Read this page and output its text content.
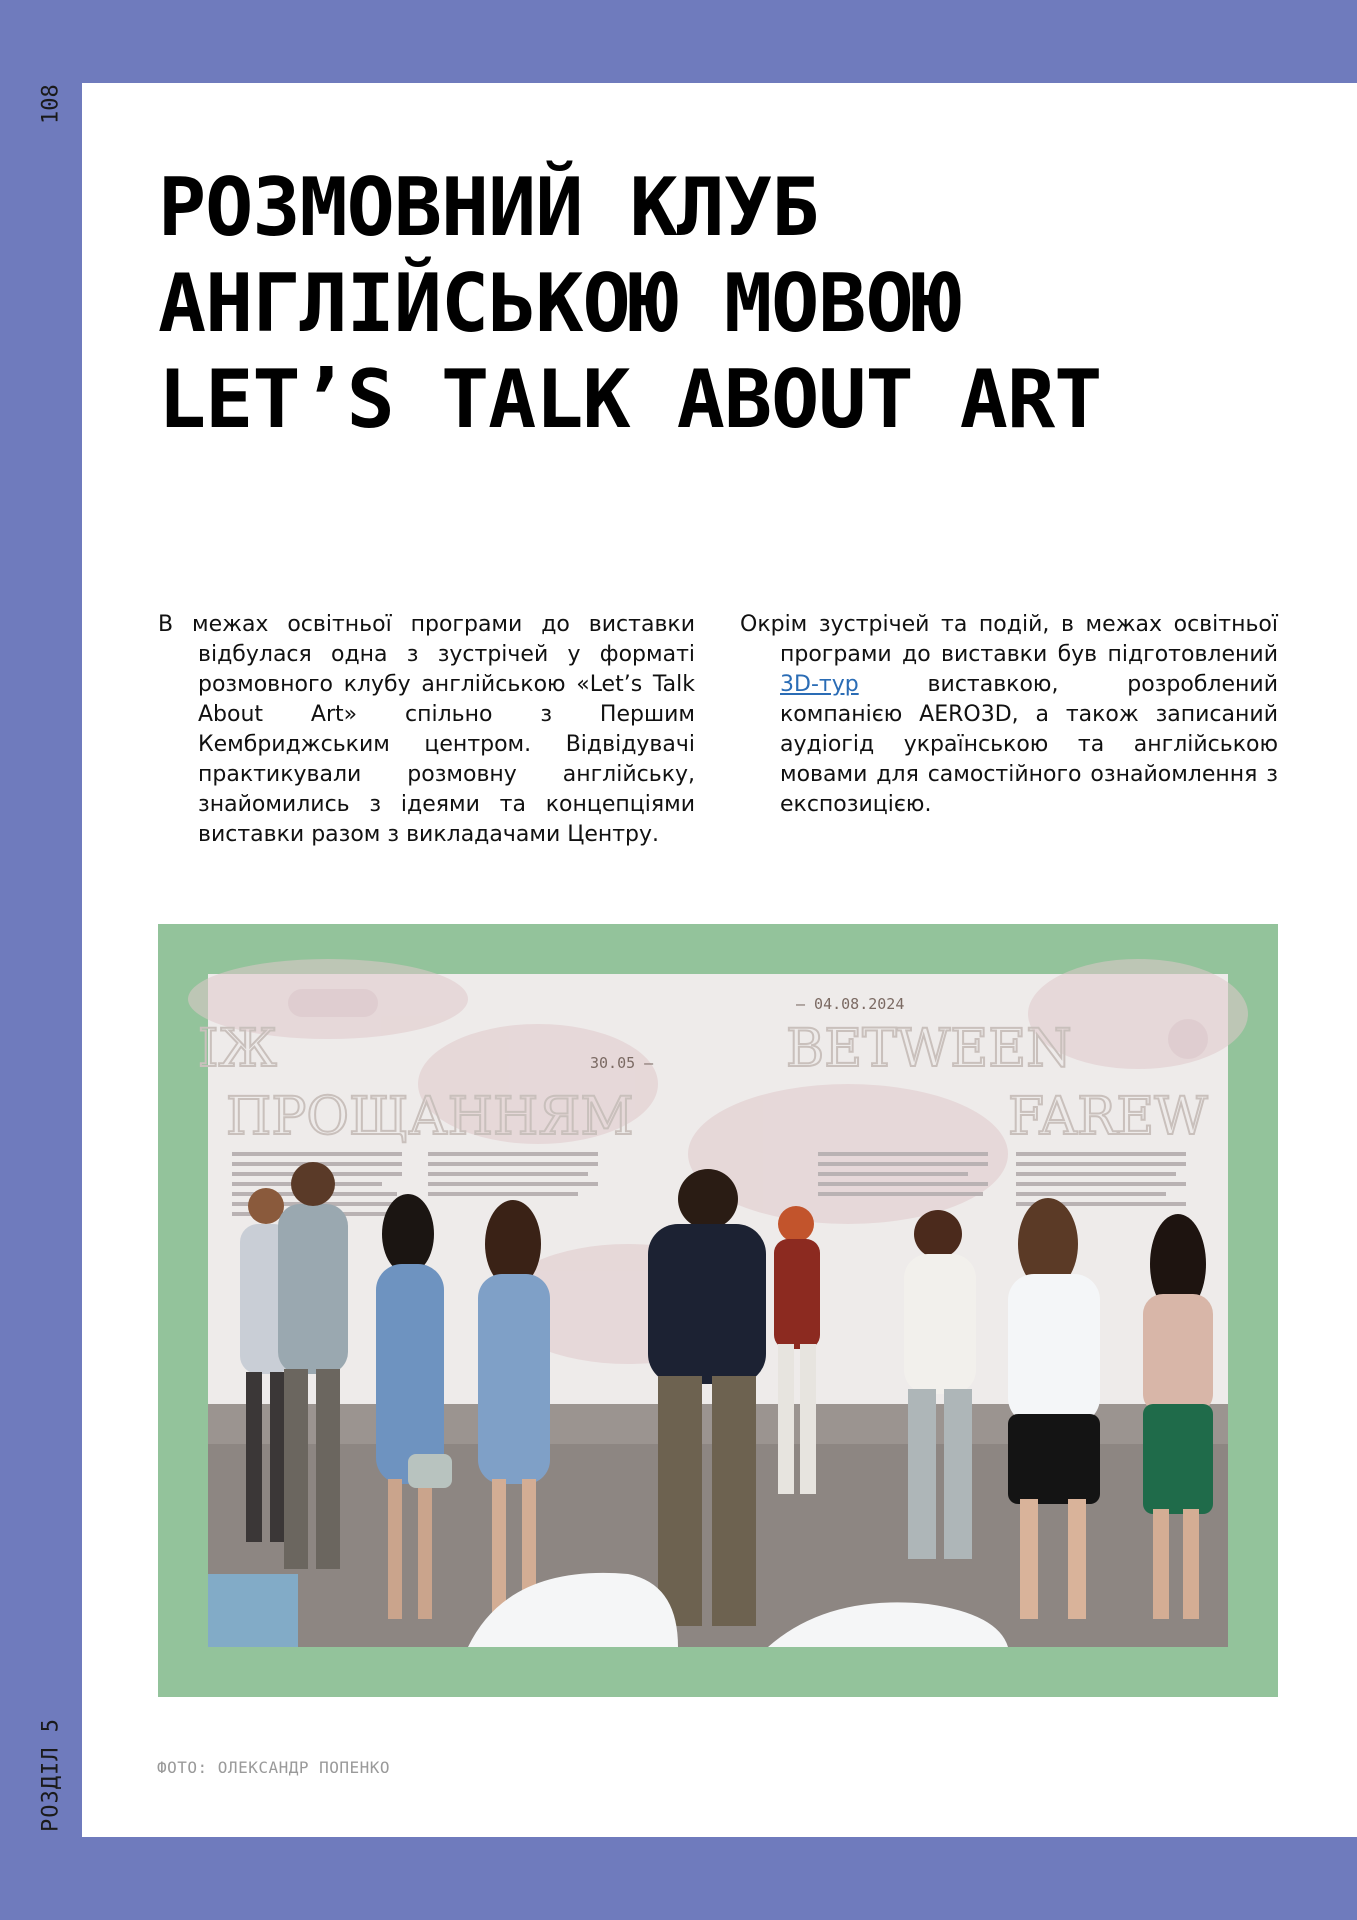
108
РОЗДІЛ 5
РОЗМОВНИЙ КЛУБ
АНГЛІЙСЬКОЮ МОВОЮ
LET’S TALK ABOUT ART

В межах освітньої програми до виставки відбулася одна з зустрічей у форматі розмовного клубу англійською «Let’s Talk About Art» спільно з Першим Кембриджським центром. Відвідувачі практикували розмовну англійську, знайомились з ідеями та концепціями виставки разом з викладачами Центру.

Окрім зустрічей та подій, в межах освітньої програми до виставки був підготовлений 3D-тур виставкою, розроблений компанією AERO3D, а також записаний аудіогід українською та англійською мовами для самостійного ознайомлення з експозицією.

ІЖ
ПРОЩАННЯМ
BETWEEN
FAREW
— 04.08.2024
30.05 —
ФОТО: ОЛЕКСАНДР ПОПЕНКО
